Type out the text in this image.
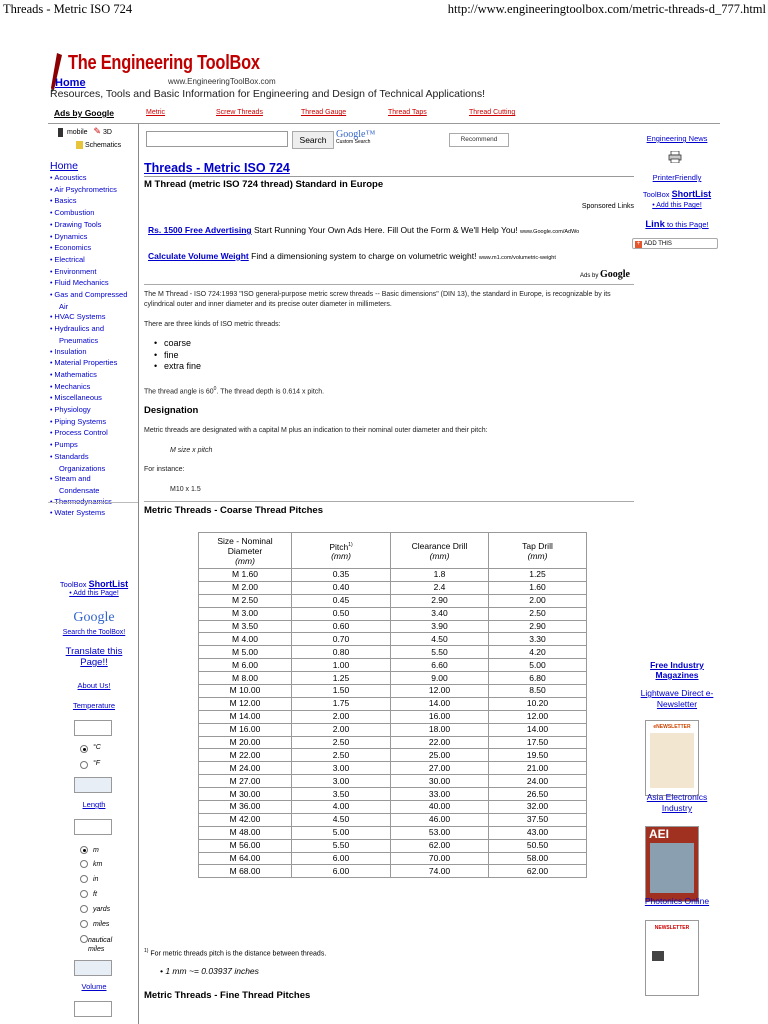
Threads - Metric ISO 724	http://www.engineeringtoolbox.com/metric-threads-d_777.html
The Engineering ToolBox
www.EngineeringToolBox.com
Home
Resources, Tools and Basic Information for Engineering and Design of Technical Applications!
Ads by Google	Metric	Screw Threads	Thread Gauge	Thread Taps	Thread Cutting
mobile ✎ 3D
Schematics
Home
• Acoustics
• Air Psychrometrics
• Basics
• Combustion
• Drawing Tools
• Dynamics
• Economics
• Electrical
• Environment
• Fluid Mechanics
• Gas and Compressed
Air
• HVAC Systems
• Hydraulics and
Pneumatics
• Insulation
• Material Properties
• Mathematics
• Mechanics
• Miscellaneous
• Physiology
• Piping Systems
• Process Control
• Pumps
• Standards
Organizations
• Steam and
Condensate
• Water Systems
ToolBox ShortList
• Add this Page!
Google
Search the ToolBox!
Translate this Page!!
About Us!
Temperature
°C
°F
Length
m
km
in
ft
yards
miles
nautical miles
Volume
Search Google™
Custom Search	Recommend
Threads - Metric ISO 724
M Thread (metric ISO 724 thread) Standard in Europe
Sponsored Links
Rs. 1500 Free Advertising Start Running Your Own Ads Here. Fill Out the Form & We'll Help You! www.Google.com/AdWo
Calculate Volume Weight Find a dimensioning system to charge on volumetric weight! www.m1.com/volumetric-weight
Ads by Google
The M Thread - ISO 724:1993 "ISO general-purpose metric screw threads -- Basic dimensions" (DIN 13), the standard in Europe, is recognizable by its cylindrical outer and inner diameter and its precise outer diameter in millimeters.
There are three kinds of ISO metric threads:
• coarse
• fine
• extra fine
The thread angle is $60^0$. The thread depth is 0.614 x pitch.
Designation
Metric threads are designated with a capital M plus an indication to their nominal outer diameter and their pitch:
M size x pitch
For instance:
M10 x 1.5
Metric Threads - Coarse Thread Pitches
Size - Nominal
Diameter
(mm)	Pitch$^{1)}$
(mm)	Clearance Drill
(mm)	Tap Drill
(mm)
M 1.60	0.35	1.8	1.25
M 2.00	0.40	2.4	1.60
M 2.50	0.45	2.90	2.00
M 3.00	0.50	3.40	2.50
M 3.50	0.60	3.90	2.90
M 4.00	0.70	4.50	3.30
M 5.00	0.80	5.50	4.20
M 6.00	1.00	6.60	5.00
M 8.00	1.25	9.00	6.80
M 10.00	1.50	12.00	8.50
M 12.00	1.75	14.00	10.20
M 14.00	2.00	16.00	12.00
M 16.00	2.00	18.00	14.00
M 20.00	2.50	22.00	17.50
M 22.00	2.50	25.00	19.50
M 24.00	3.00	27.00	21.00
M 27.00	3.00	30.00	24.00
M 30.00	3.50	33.00	26.50
M 36.00	4.00	40.00	32.00
M 42.00	4.50	46.00	37.50
M 48.00	5.00	53.00	43.00
M 56.00	5.50	62.00	50.50
M 64.00	6.00	70.00	58.00
M 68.00	6.00	74.00	62.00
$^{1)}$ For metric threads pitch is the distance between threads.
• 1 mm ~= 0.03937 inches
Metric Threads - Fine Thread Pitches
Engineering News
PrinterFriendly
ToolBox ShortList
• Add this Page!
Link to this Page!
+ ADD THIS
Free Industry Magazines
Lightwave Direct e-Newsletter
eNEWSLETTER
Asia Electronics Industry
AEI
Photonics Online
NEWSLETTER
